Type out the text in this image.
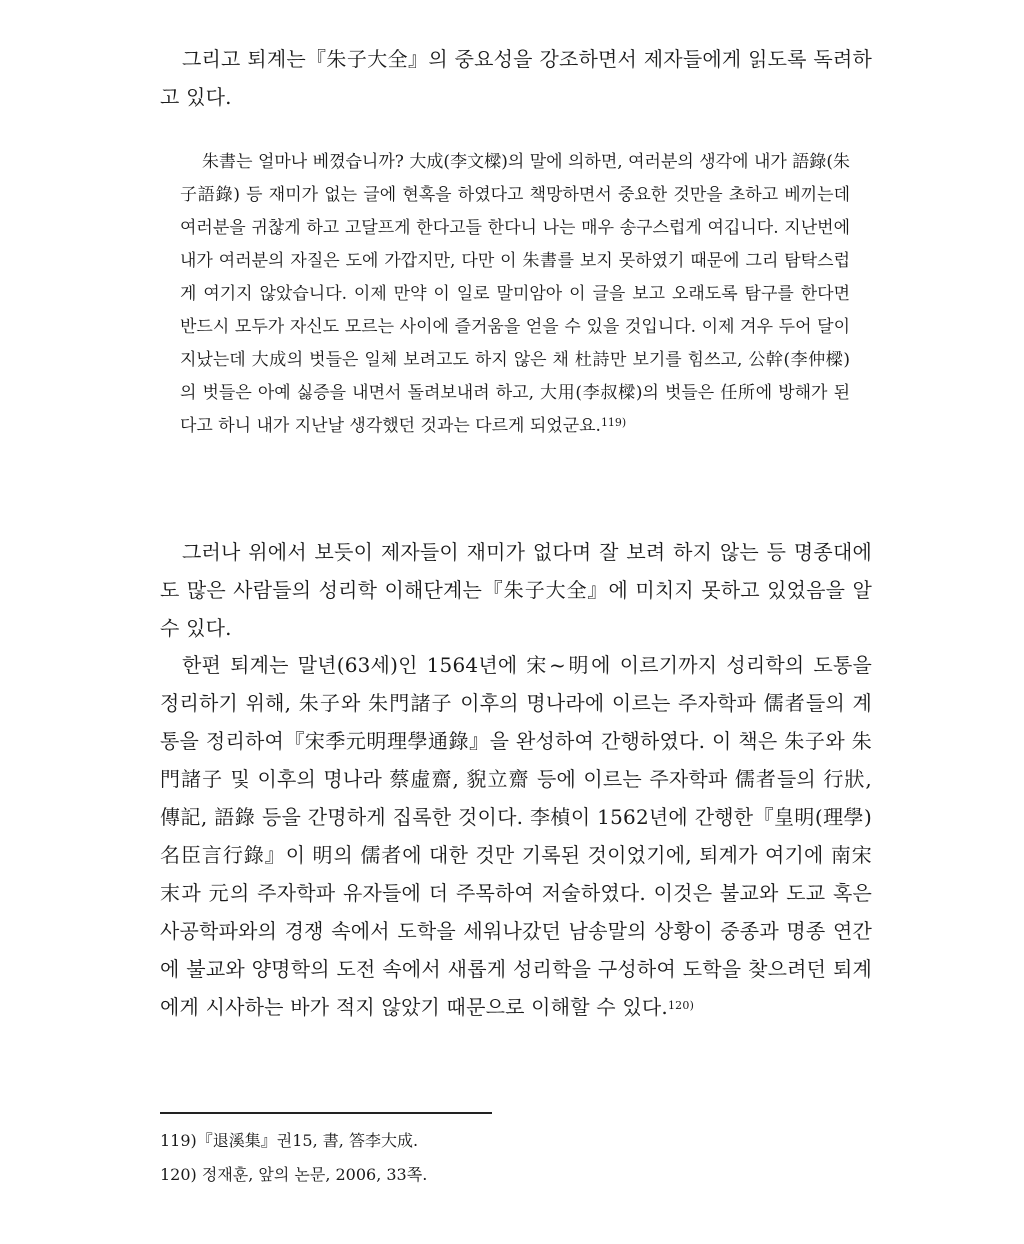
그리고 퇴계는『朱子大全』의 중요성을 강조하면서 제자들에게 읽도록 독려하고 있다.

朱書는 얼마나 베꼈습니까? 大成(李文樑)의 말에 의하면, 여러분의 생각에 내가 語錄(朱子語錄) 등 재미가 없는 글에 현혹을 하였다고 책망하면서 중요한 것만을 초하고 베끼는데 여러분을 귀찮게 하고 고달프게 한다고들 한다니 나는 매우 송구스럽게 여깁니다. 지난번에 내가 여러분의 자질은 도에 가깝지만, 다만 이 朱書를 보지 못하였기 때문에 그리 탐탁스럽게 여기지 않았습니다. 이제 만약 이 일로 말미암아 이 글을 보고 오래도록 탐구를 한다면 반드시 모두가 자신도 모르는 사이에 즐거움을 얻을 수 있을 것입니다. 이제 겨우 두어 달이 지났는데 大成의 벗들은 일체 보려고도 하지 않은 채 杜詩만 보기를 힘쓰고, 公幹(李仲樑)의 벗들은 아예 싫증을 내면서 돌려보내려 하고, 大用(李叔樑)의 벗들은 任所에 방해가 된다고 하니 내가 지난날 생각했던 것과는 다르게 되었군요.$^{119)}$

그러나 위에서 보듯이 제자들이 재미가 없다며 잘 보려 하지 않는 등 명종대에도 많은 사람들의 성리학 이해단계는『朱子大全』에 미치지 못하고 있었음을 알 수 있다.

한편 퇴계는 말년(63세)인 1564년에 宋~明에 이르기까지 성리학의 도통을 정리하기 위해, 朱子와 朱門諸子 이후의 명나라에 이르는 주자학파 儒者들의 계통을 정리하여『宋季元明理學通錄』을 완성하여 간행하였다. 이 책은 朱子와 朱門諸子 및 이후의 명나라 蔡虛齋, 貎立齋 등에 이르는 주자학파 儒者들의 行狀, 傳記, 語錄 등을 간명하게 집록한 것이다. 李楨이 1562년에 간행한『皇明(理學)名臣言行錄』이 明의 儒者에 대한 것만 기록된 것이었기에, 퇴계가 여기에 南宋 末과 元의 주자학파 유자들에 더 주목하여 저술하였다. 이것은 불교와 도교 혹은 사공학파와의 경쟁 속에서 도학을 세워나갔던 남송말의 상황이 중종과 명종 연간에 불교와 양명학의 도전 속에서 새롭게 성리학을 구성하여 도학을 찾으려던 퇴계에게 시사하는 바가 적지 않았기 때문으로 이해할 수 있다.$^{120)}$

119)『退溪集』권15, 書, 答李大成.
120) 정재훈, 앞의 논문, 2006, 33쪽.
